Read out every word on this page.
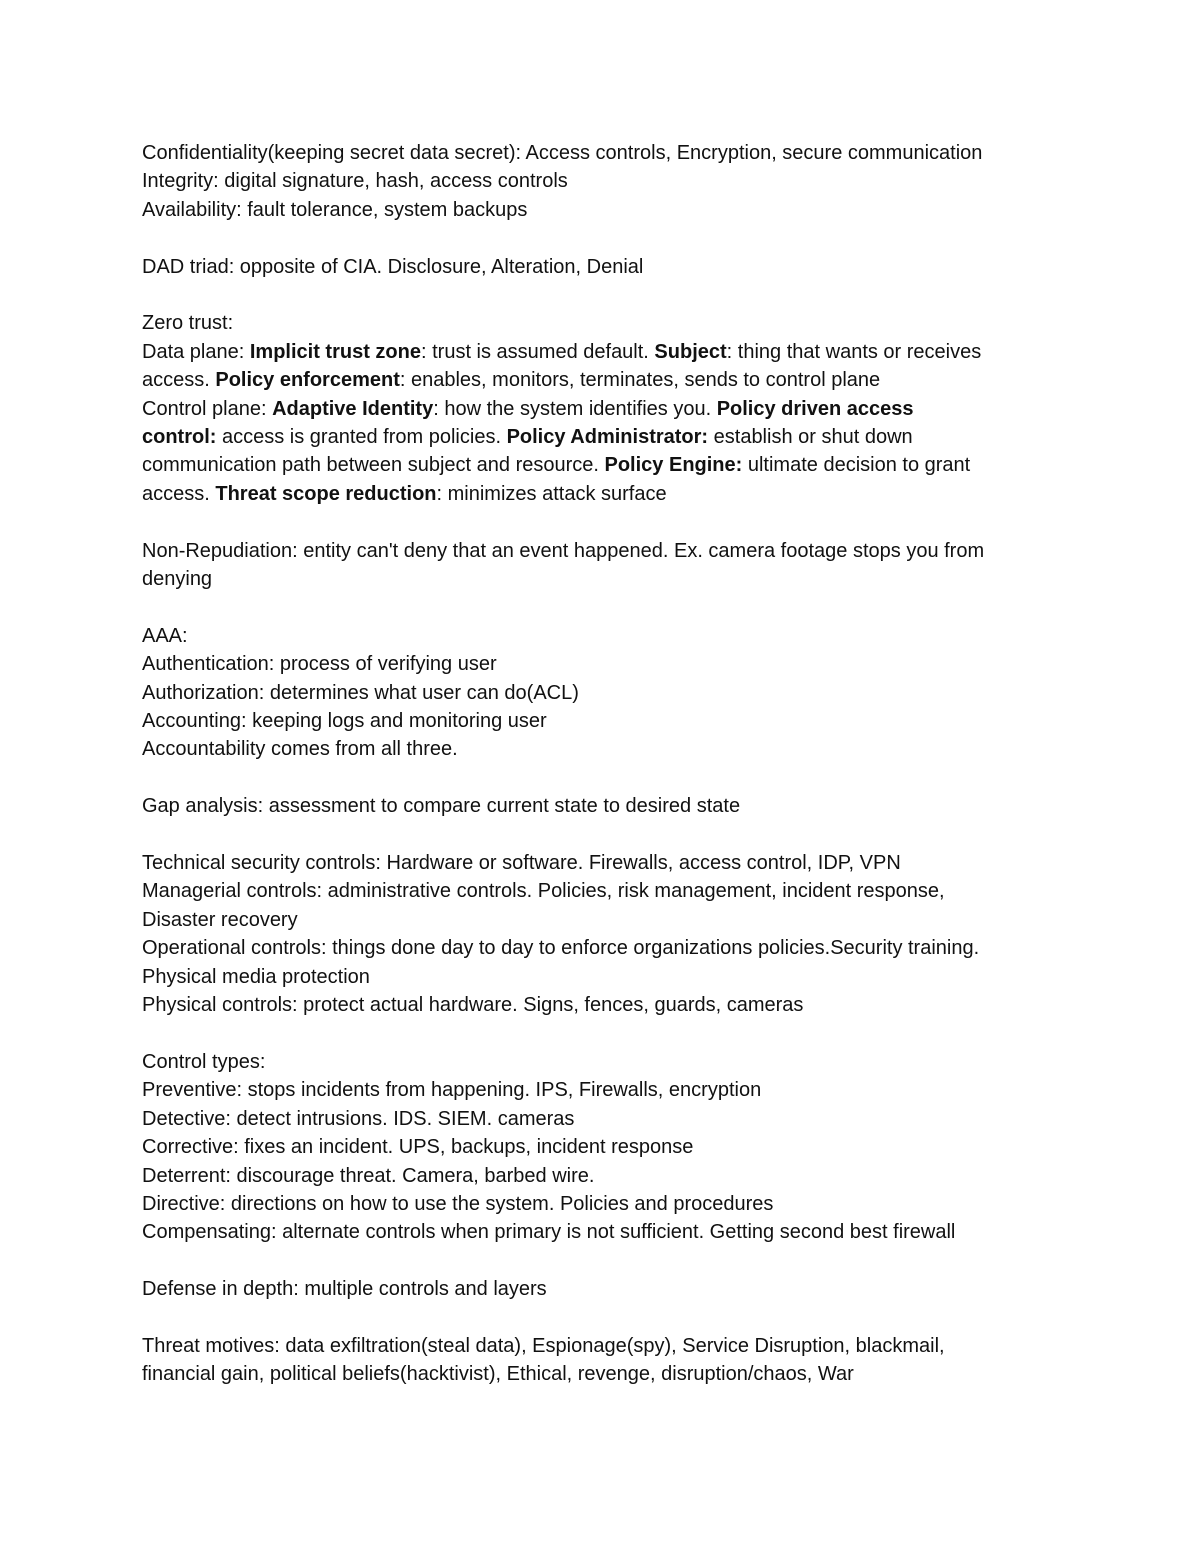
Confidentiality(keeping secret data secret): Access controls, Encryption, secure communication
Integrity: digital signature, hash, access controls
Availability: fault tolerance, system backups
DAD triad: opposite of CIA. Disclosure, Alteration, Denial
Zero trust:
Data plane: Implicit trust zone: trust is assumed default. Subject: thing that wants or receives
access. Policy enforcement: enables, monitors, terminates, sends to control plane
Control plane: Adaptive Identity: how the system identifies you. Policy driven access
control: access is granted from policies. Policy Administrator: establish or shut down
communication path between subject and resource. Policy Engine: ultimate decision to grant
access. Threat scope reduction: minimizes attack surface
Non-Repudiation: entity can't deny that an event happened. Ex. camera footage stops you from
denying
AAA:
Authentication: process of verifying user
Authorization: determines what user can do(ACL)
Accounting: keeping logs and monitoring user
Accountability comes from all three.
Gap analysis: assessment to compare current state to desired state
Technical security controls: Hardware or software. Firewalls, access control, IDP, VPN
Managerial controls: administrative controls. Policies, risk management, incident response,
Disaster recovery
Operational controls: things done day to day to enforce organizations policies.Security training.
Physical media protection
Physical controls: protect actual hardware. Signs, fences, guards, cameras
Control types:
Preventive: stops incidents from happening. IPS, Firewalls, encryption
Detective: detect intrusions. IDS. SIEM. cameras
Corrective: fixes an incident. UPS, backups, incident response
Deterrent: discourage threat. Camera, barbed wire.
Directive: directions on how to use the system. Policies and procedures
Compensating: alternate controls when primary is not sufficient. Getting second best firewall
Defense in depth: multiple controls and layers
Threat motives: data exfiltration(steal data), Espionage(spy), Service Disruption, blackmail,
financial gain, political beliefs(hacktivist), Ethical, revenge, disruption/chaos, War
